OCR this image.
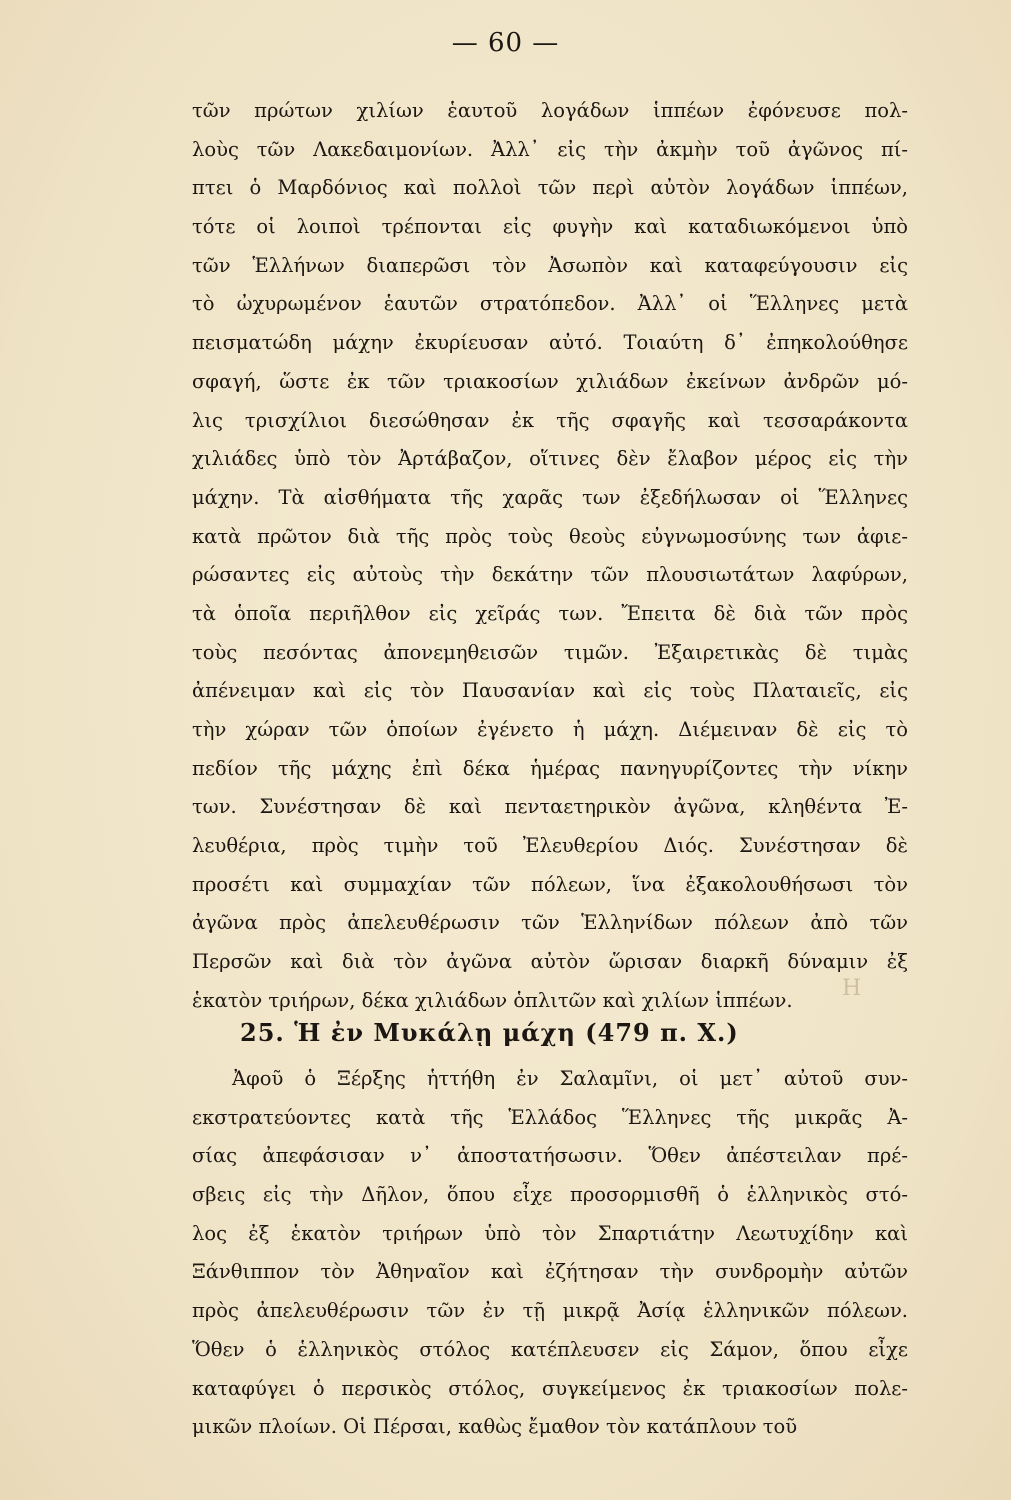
— 60 —
Η
τῶν πρώτων χιλίων ἑαυτοῦ λογάδων ἱππέων ἐφόνευσε πολ-
λοὺς τῶν Λακεδαιμονίων. Ἀλλ᾽ εἰς τὴν ἀκμὴν τοῦ ἀγῶνος πί-
πτει ὁ Μαρδόνιος καὶ πολλοὶ τῶν περὶ αὐτὸν λογάδων ἱππέων,
τότε οἱ λοιποὶ τρέπονται εἰς φυγὴν καὶ καταδιωκόμενοι ὑπὸ
τῶν Ἑλλήνων διαπερῶσι τὸν Ἀσωπὸν καὶ καταφεύγουσιν εἰς
τὸ ὠχυρωμένον ἑαυτῶν στρατόπεδον. Ἀλλ᾽ οἱ Ἕλληνες μετὰ
πεισματώδη μάχην ἐκυρίευσαν αὐτό. Τοιαύτη δ᾽ ἐπηκολούθησε
σφαγή, ὥστε ἐκ τῶν τριακοσίων χιλιάδων ἐκείνων ἀνδρῶν μό-
λις τρισχίλιοι διεσώθησαν ἐκ τῆς σφαγῆς καὶ τεσσαράκοντα
χιλιάδες ὑπὸ τὸν Ἀρτάβαζον, οἵτινες δὲν ἔλαβον μέρος εἰς τὴν
μάχην. Τὰ αἰσθήματα τῆς χαρᾶς των ἐξεδήλωσαν οἱ Ἕλληνες
κατὰ πρῶτον διὰ τῆς πρὸς τοὺς θεοὺς εὐγνωμοσύνης των ἀφιε-
ρώσαντες εἰς αὐτοὺς τὴν δεκάτην τῶν πλουσιωτάτων λαφύρων,
τὰ ὁποῖα περιῆλθον εἰς χεῖράς των. Ἔπειτα δὲ διὰ τῶν πρὸς
τοὺς πεσόντας ἀπονεμηθεισῶν τιμῶν. Ἐξαιρετικὰς δὲ τιμὰς
ἀπένειμαν καὶ εἰς τὸν Παυσανίαν καὶ εἰς τοὺς Πλαταιεῖς, εἰς
τὴν χώραν τῶν ὁποίων ἐγένετο ἡ μάχη. Διέμειναν δὲ εἰς τὸ
πεδίον τῆς μάχης ἐπὶ δέκα ἡμέρας πανηγυρίζοντες τὴν νίκην
των. Συνέστησαν δὲ καὶ πενταετηρικὸν ἀγῶνα, κληθέντα Ἐ-
λευθέρια, πρὸς τιμὴν τοῦ Ἐλευθερίου Διός. Συνέστησαν δὲ
προσέτι καὶ συμμαχίαν τῶν πόλεων, ἵνα ἐξακολουθήσωσι τὸν
ἀγῶνα πρὸς ἀπελευθέρωσιν τῶν Ἑλληνίδων πόλεων ἀπὸ τῶν
Περσῶν καὶ διὰ τὸν ἀγῶνα αὐτὸν ὥρισαν διαρκῆ δύναμιν ἐξ
ἑκατὸν τριήρων, δέκα χιλιάδων ὁπλιτῶν καὶ χιλίων ἱππέων.
25. Ἡ ἐν Μυκάλῃ μάχη (479 π. Χ.)
Ἀφοῦ ὁ Ξέρξης ἡττήθη ἐν Σαλαμῖνι, οἱ μετ᾽ αὐτοῦ συν-
εκστρατεύοντες κατὰ τῆς Ἑλλάδος Ἕλληνες τῆς μικρᾶς Ἀ-
σίας ἀπεφάσισαν ν᾽ ἀποστατήσωσιν. Ὅθεν ἀπέστειλαν πρέ-
σβεις εἰς τὴν Δῆλον, ὅπου εἶχε προσορμισθῆ ὁ ἑλληνικὸς στό-
λος ἐξ ἑκατὸν τριήρων ὑπὸ τὸν Σπαρτιάτην Λεωτυχίδην καὶ
Ξάνθιππον τὸν Ἀθηναῖον καὶ ἐζήτησαν τὴν συνδρομὴν αὐτῶν
πρὸς ἀπελευθέρωσιν τῶν ἐν τῇ μικρᾷ Ἀσίᾳ ἑλληνικῶν πόλεων.
Ὅθεν ὁ ἑλληνικὸς στόλος κατέπλευσεν εἰς Σάμον, ὅπου εἶχε
καταφύγει ὁ περσικὸς στόλος, συγκείμενος ἐκ τριακοσίων πολε-
μικῶν πλοίων. Οἱ Πέρσαι, καθὼς ἔμαθον τὸν κατάπλουν τοῦ
